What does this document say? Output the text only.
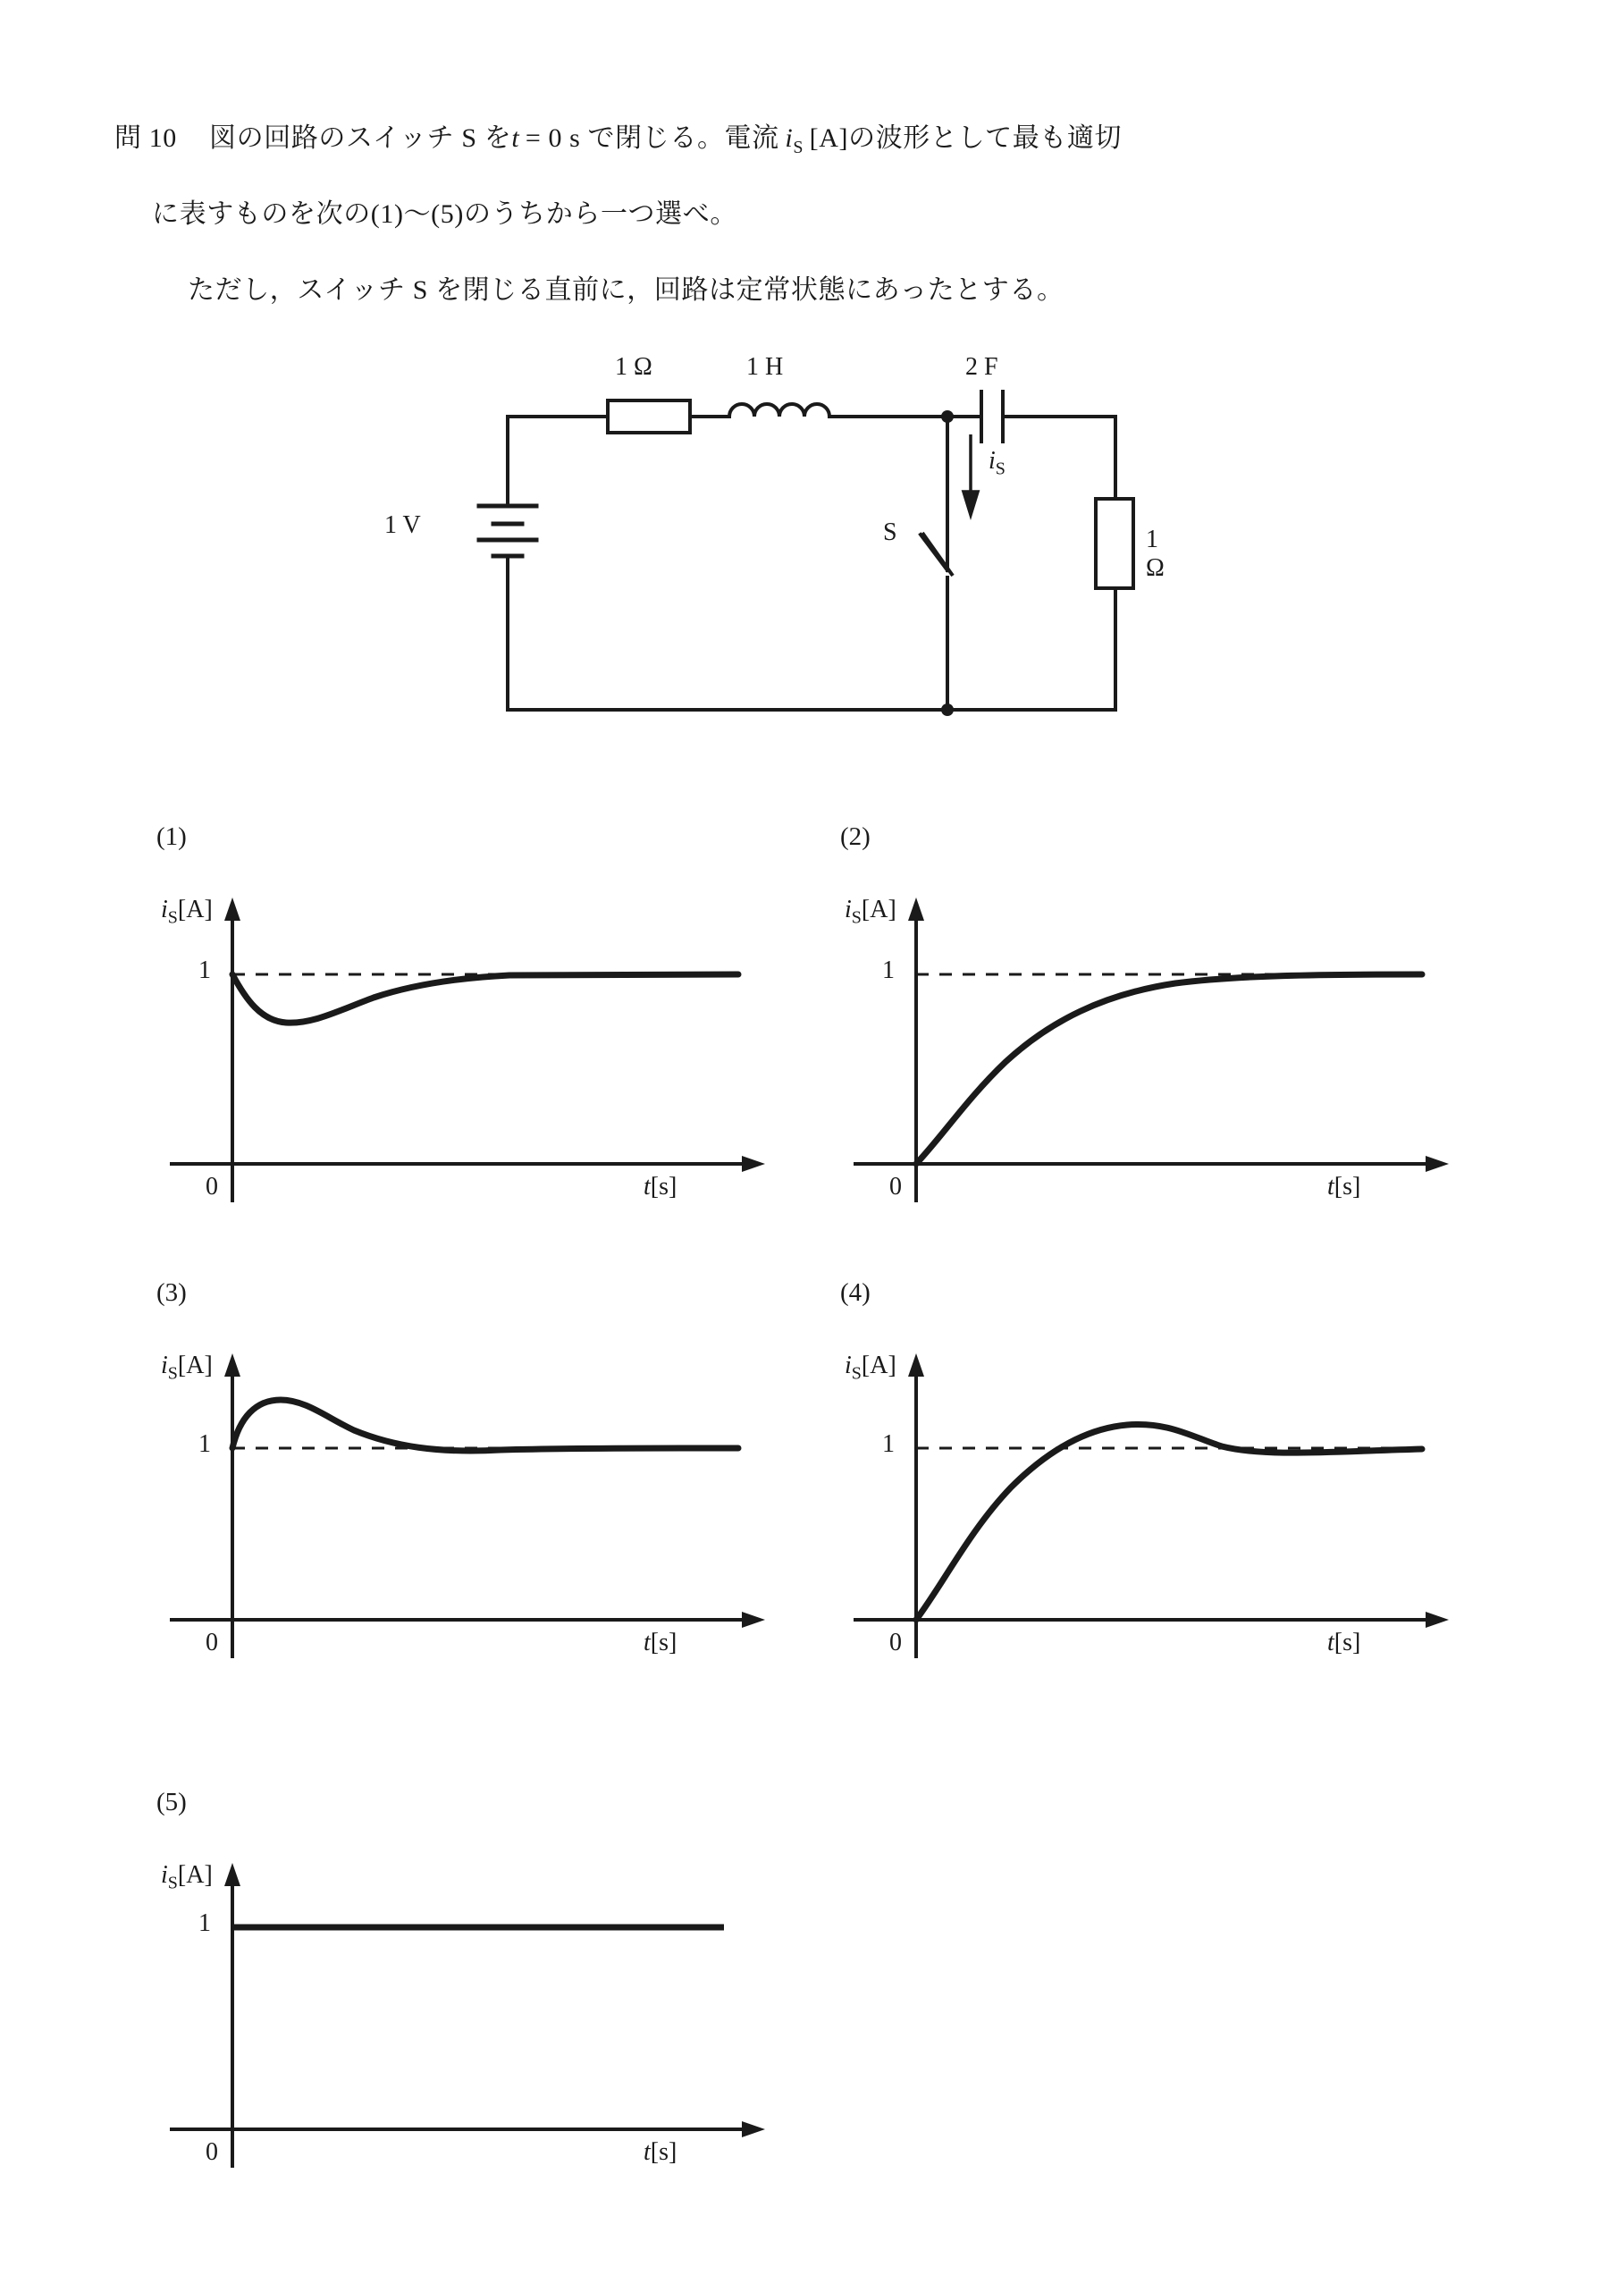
問 10 図の回路のスイッチ S をt  = 0 s で閉じる。電流  $i_S$  [A]の波形として最も適切
に表すものを次の(1)〜(5)のうちから一つ選べ。
ただし，スイッチ S を閉じる直前に，回路は定常状態にあったとする。
1 Ω	1 H	2 F
1 V
1 Ω
S
$i_S$
(1)
$i_S[A]$
1
0	t[s]
(2)
$i_S[A]$
1
0	t[s]
(3)
$i_S[A]$
1
0	t[s]
(4)
$i_S[A]$
1
0	t[s]
(5)
$i_S[A]$
1
0	t[s]
